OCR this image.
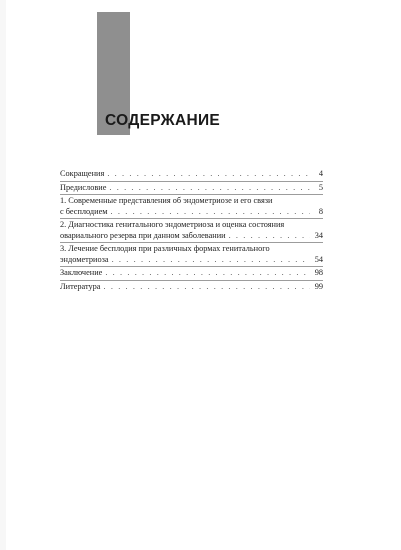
СОДЕРЖАНИЕ
Сокращения . . .	4
Предисловие . . .	5
1. Современные представления об эндометриозе и его связи
с бесплодием . . .	8
2. Диагностика генитального эндометриоза и оценка состояния
овариального резерва при данном заболевании . . .	34
3. Лечение бесплодия при различных формах генитального
эндометриоза . . .	54
Заключение . . .	98
Литература . . .	99
